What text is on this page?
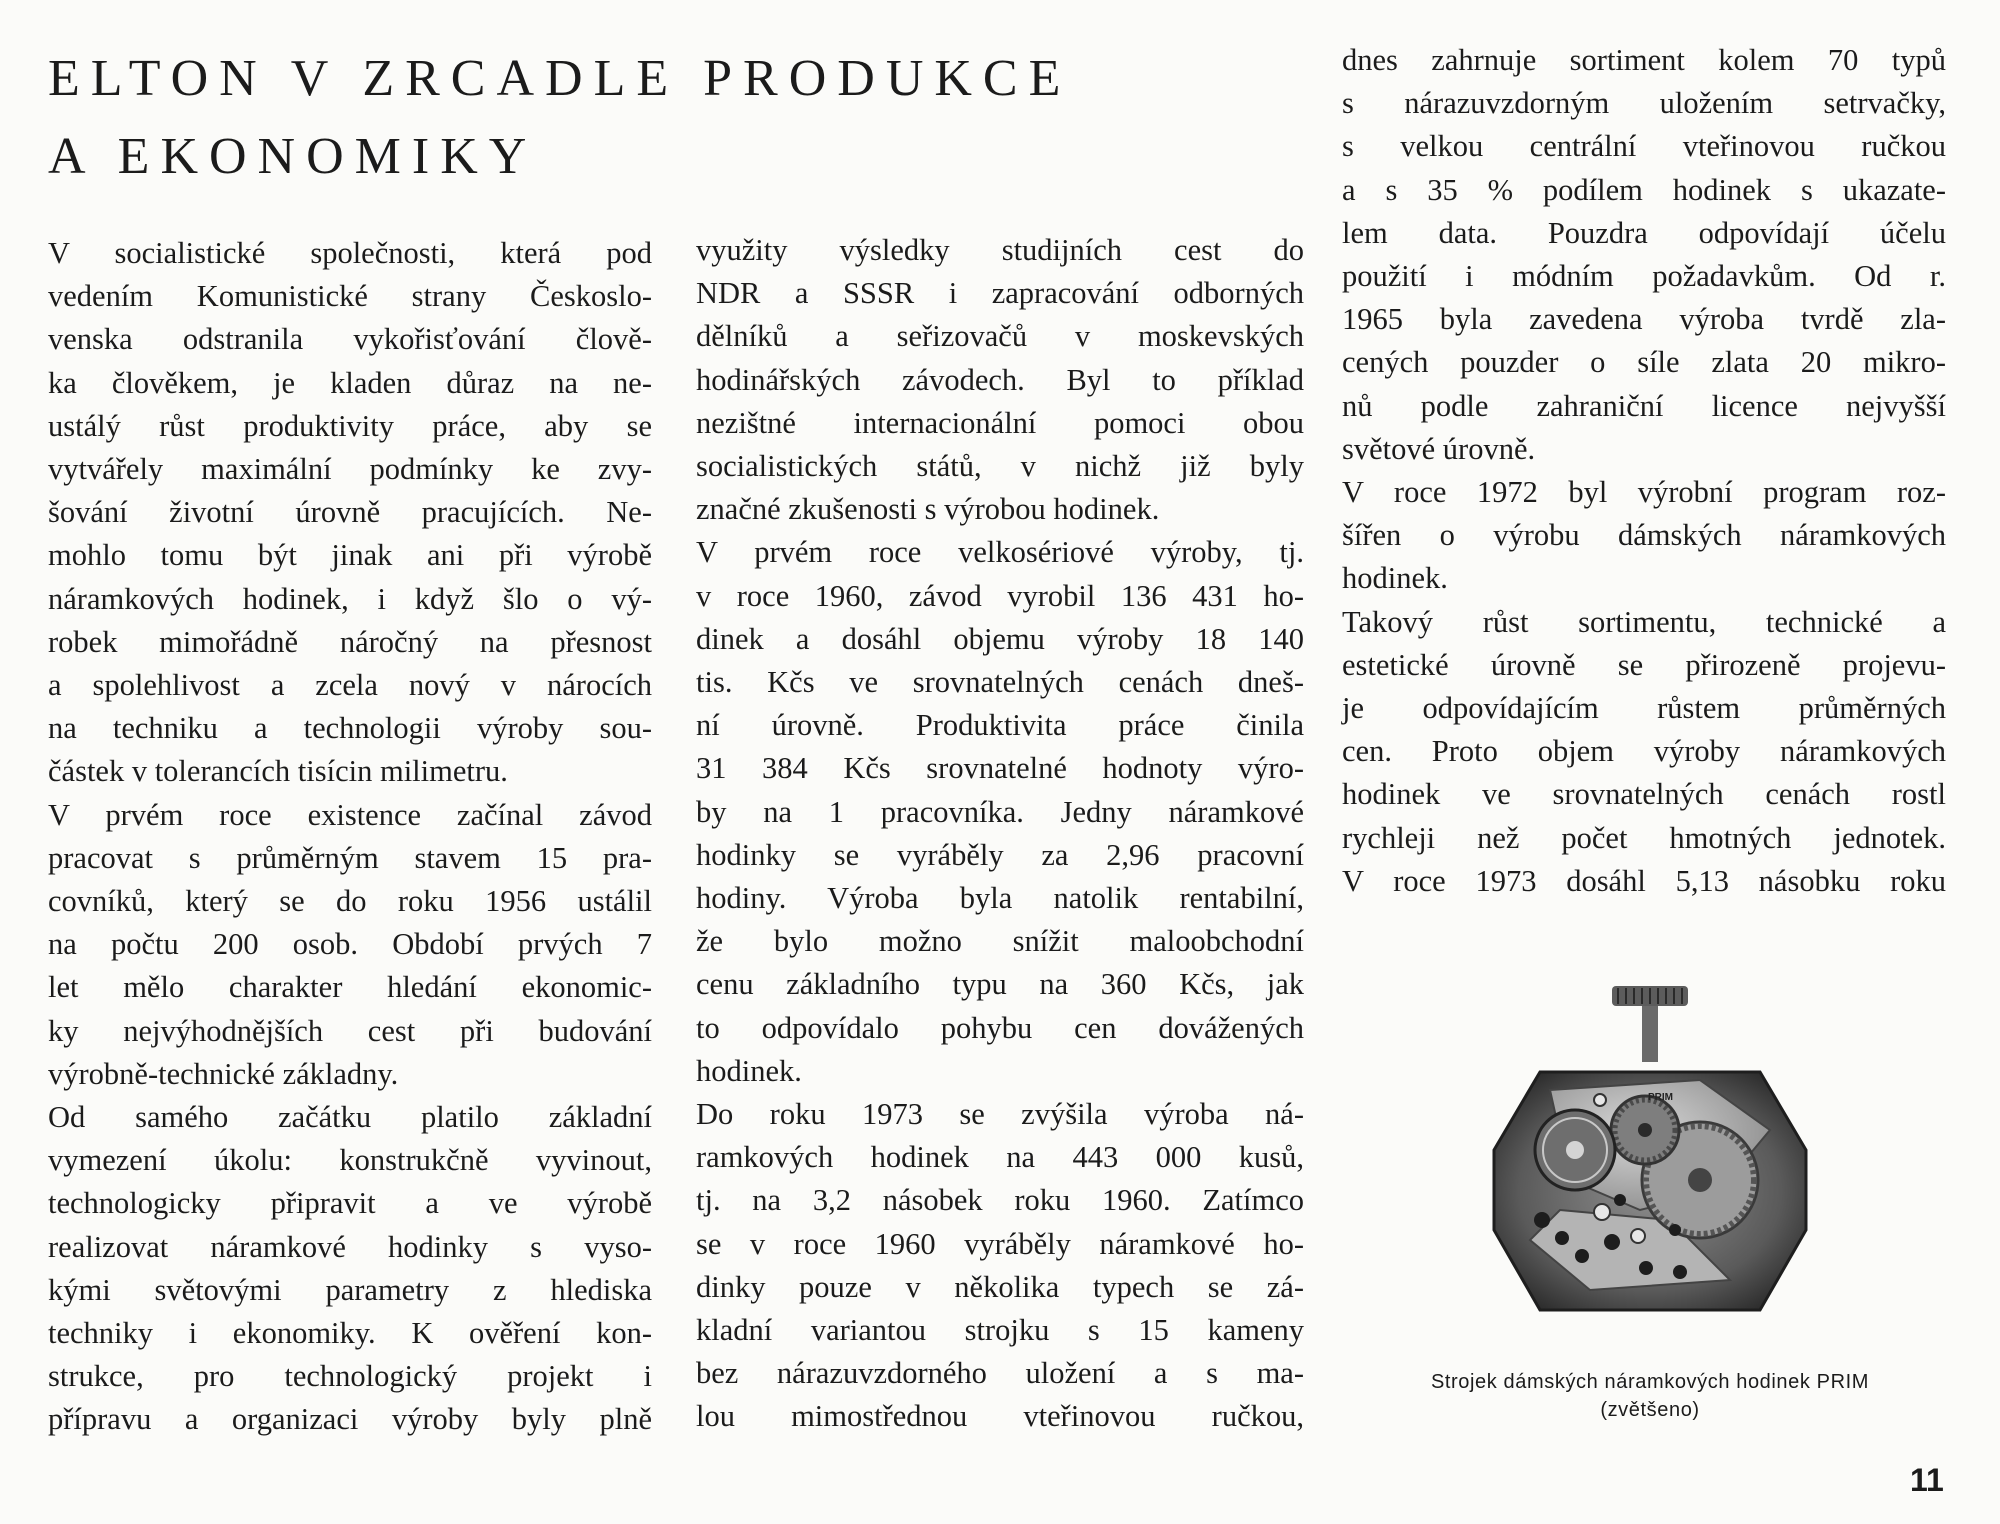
ELTON V ZRCADLE PRODUKCE
A EKONOMIKY
V socialistické společnosti, která pod
vedením Komunistické strany Českoslo-
venska odstranila vykořisťování člově-
ka člověkem, je kladen důraz na ne-
ustálý růst produktivity práce, aby se
vytvářely maximální podmínky ke zvy-
šování životní úrovně pracujících. Ne-
mohlo tomu být jinak ani při výrobě
náramkových hodinek, i když šlo o vý-
robek mimořádně náročný na přesnost
a spolehlivost a zcela nový v nárocích
na techniku a technologii výroby sou-
částek v tolerancích tisícin milimetru.
V prvém roce existence začínal závod
pracovat s průměrným stavem 15 pra-
covníků, který se do roku 1956 ustálil
na počtu 200 osob. Období prvých 7
let mělo charakter hledání ekonomic-
ky nejvýhodnějších cest při budování
výrobně-technické základny.
Od samého začátku platilo základní
vymezení úkolu: konstrukčně vyvinout,
technologicky připravit a ve výrobě
realizovat náramkové hodinky s vyso-
kými světovými parametry z hlediska
techniky i ekonomiky. K ověření kon-
strukce, pro technologický projekt i
přípravu a organizaci výroby byly plně
využity výsledky studijních cest do
NDR a SSSR i zapracování odborných
dělníků a seřizovačů v moskevských
hodinářských závodech. Byl to příklad
nezištné internacionální pomoci obou
socialistických států, v nichž již byly
značné zkušenosti s výrobou hodinek.
V prvém roce velkosériové výroby, tj.
v roce 1960, závod vyrobil 136 431 ho-
dinek a dosáhl objemu výroby 18 140
tis. Kčs ve srovnatelných cenách dneš-
ní úrovně. Produktivita práce činila
31 384 Kčs srovnatelné hodnoty výro-
by na 1 pracovníka. Jedny náramkové
hodinky se vyráběly za 2,96 pracovní
hodiny. Výroba byla natolik rentabilní,
že bylo možno snížit maloobchodní
cenu základního typu na 360 Kčs, jak
to odpovídalo pohybu cen dovážených
hodinek.
Do roku 1973 se zvýšila výroba ná-
ramkových hodinek na 443 000 kusů,
tj. na 3,2 násobek roku 1960. Zatímco
se v roce 1960 vyráběly náramkové ho-
dinky pouze v několika typech se zá-
kladní variantou strojku s 15 kameny
bez nárazuvzdorného uložení a s ma-
lou mimostřednou vteřinovou ručkou,
dnes zahrnuje sortiment kolem 70 typů
s nárazuvzdorným uložením setrvačky,
s velkou centrální vteřinovou ručkou
a s 35 % podílem hodinek s ukazate-
lem data. Pouzdra odpovídají účelu
použití i módním požadavkům. Od r.
1965 byla zavedena výroba tvrdě zla-
cených pouzder o síle zlata 20 mikro-
nů podle zahraniční licence nejvyšší
světové úrovně.
V roce 1972 byl výrobní program roz-
šířen o výrobu dámských náramkových
hodinek.
Takový růst sortimentu, technické a
estetické úrovně se přirozeně projevu-
je odpovídajícím růstem průměrných
cen. Proto objem výroby náramkových
hodinek ve srovnatelných cenách rostl
rychleji než počet hmotných jednotek.
V roce 1973 dosáhl 5,13 násobku roku
PRIM
Strojek dámských náramkových hodinek PRIM
(zvětšeno)
11
